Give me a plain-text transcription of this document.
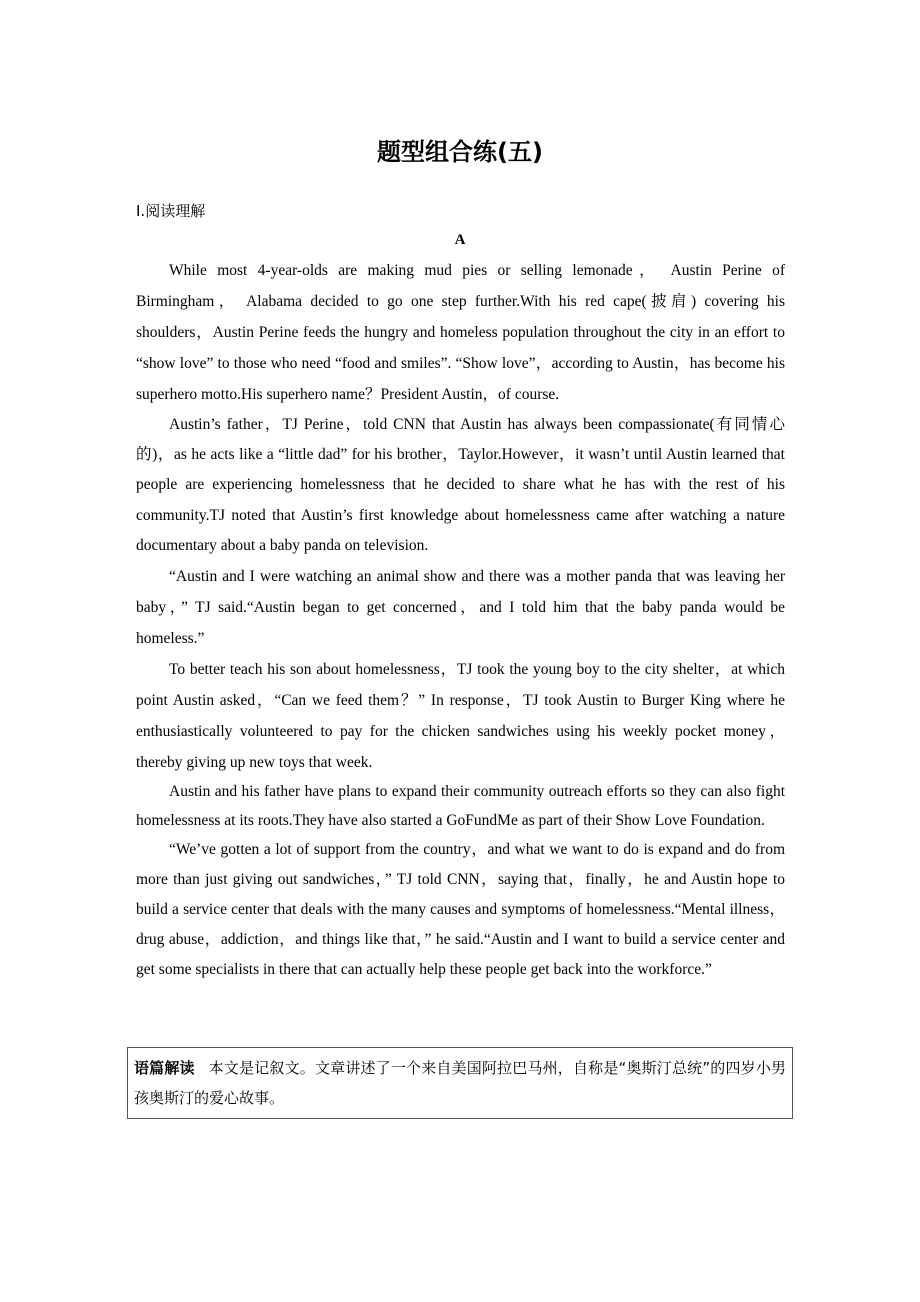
题型组合练(五)
Ⅰ.阅读理解
A

While most 4-year-olds are making mud pies or selling lemonade， Austin Perine of Birmingham， Alabama decided to go one step further.With his red cape(披肩) covering his shoulders，Austin Perine feeds the hungry and homeless population throughout the city in an effort to “show love” to those who need “food and smiles”. “Show love”，according to Austin，has become his superhero motto.His superhero name？President Austin，of course.

Austin’s father，TJ Perine，told CNN that Austin has always been compassionate(有同情心的)，as he acts like a “little dad” for his brother，Taylor.However，it wasn’t until Austin learned that people are experiencing homelessness that he decided to share what he has with the rest of his community.TJ noted that Austin’s first knowledge about homelessness came after watching a nature documentary about a baby panda on television.

“Austin and I were watching an animal show and there was a mother panda that was leaving her baby，” TJ said.“Austin began to get concerned，and I told him that the baby panda would be homeless.”

To better teach his son about homelessness，TJ took the young boy to the city shelter，at which point Austin asked，“Can we feed them？” In response，TJ took Austin to Burger King where he enthusiastically volunteered to pay for the chicken sandwiches using his weekly pocket money，thereby giving up new toys that week.

Austin and his father have plans to expand their community outreach efforts so they can also fight homelessness at its roots.They have also started a GoFundMe as part of their Show Love Foundation.

“We’ve gotten a lot of support from the country，and what we want to do is expand and do from more than just giving out sandwiches，” TJ told CNN，saying that，finally，he and Austin hope to build a service center that deals with the many causes and symptoms of homelessness.“Mental illness，drug abuse，addiction，and things like that，” he said.“Austin and I want to build a service center and get some specialists in there that can actually help these people get back into the workforce.”

语篇解读 本文是记叙文。文章讲述了一个来自美国阿拉巴马州，自称是“奥斯汀总统”的四岁小男孩奥斯汀的爱心故事。
